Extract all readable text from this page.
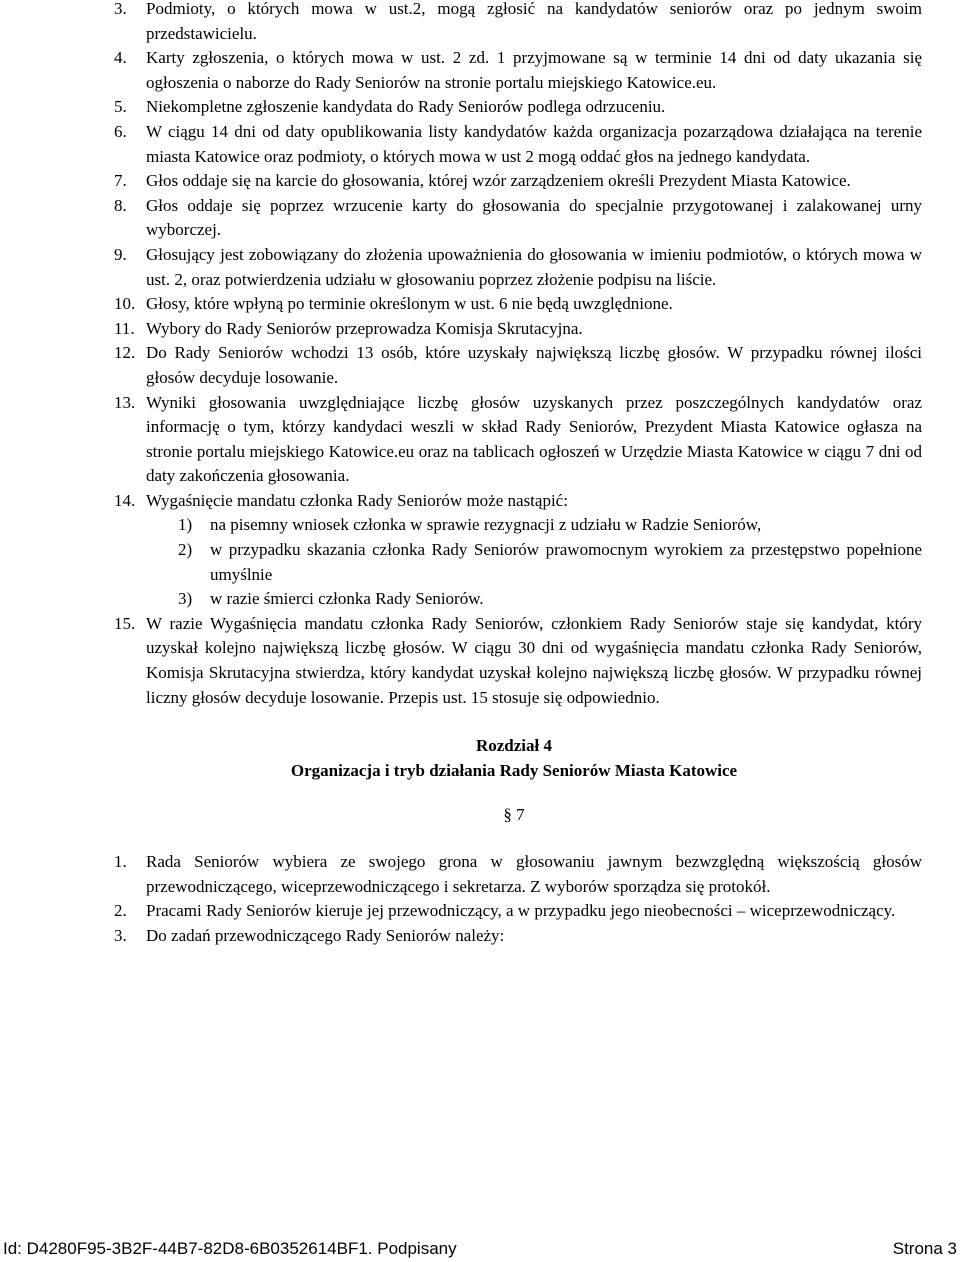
3. Podmioty, o których mowa w ust.2, mogą zgłosić na kandydatów seniorów oraz po jednym swoim przedstawicielu.
4. Karty zgłoszenia, o których mowa w ust. 2 zd. 1 przyjmowane są w terminie 14 dni od daty ukazania się ogłoszenia o naborze do Rady Seniorów na stronie portalu miejskiego Katowice.eu.
5. Niekompletne zgłoszenie kandydata do Rady Seniorów podlega odrzuceniu.
6. W ciągu 14 dni od daty opublikowania listy kandydatów każda organizacja pozarządowa działająca na terenie miasta Katowice oraz podmioty, o których mowa w ust 2 mogą oddać głos na jednego kandydata.
7. Głos oddaje się na karcie do głosowania, której wzór zarządzeniem określi Prezydent Miasta Katowice.
8. Głos oddaje się poprzez wrzucenie karty do głosowania do specjalnie przygotowanej i zalakowanej urny wyborczej.
9. Głosujący jest zobowiązany do złożenia upoważnienia do głosowania w imieniu podmiotów, o których mowa w ust. 2, oraz potwierdzenia udziału w głosowaniu poprzez złożenie podpisu na liście.
10. Głosy, które wpłyną po terminie określonym w ust. 6 nie będą uwzględnione.
11. Wybory do Rady Seniorów przeprowadza Komisja Skrutacyjna.
12. Do Rady Seniorów wchodzi 13 osób, które uzyskały największą liczbę głosów. W przypadku równej ilości głosów decyduje losowanie.
13. Wyniki głosowania uwzględniające liczbę głosów uzyskanych przez poszczególnych kandydatów oraz informację o tym, którzy kandydaci weszli w skład Rady Seniorów, Prezydent Miasta Katowice ogłasza na stronie portalu miejskiego Katowice.eu oraz na tablicach ogłoszeń w Urzędzie Miasta Katowice w ciągu 7 dni od daty zakończenia głosowania.
14. Wygaśnięcie mandatu członka Rady Seniorów może nastąpić:
1) na pisemny wniosek członka w sprawie rezygnacji z udziału w Radzie Seniorów,
2) w przypadku skazania członka Rady Seniorów prawomocnym wyrokiem za przestępstwo popełnione umyślnie
3) w razie śmierci członka Rady Seniorów.
15. W razie Wygaśnięcia mandatu członka Rady Seniorów, członkiem Rady Seniorów staje się kandydat, który uzyskał kolejno największą liczbę głosów. W ciągu 30 dni od wygaśnięcia mandatu członka Rady Seniorów, Komisja Skrutacyjna stwierdza, który kandydat uzyskał kolejno największą liczbę głosów. W przypadku równej liczny głosów decyduje losowanie. Przepis ust. 15 stosuje się odpowiednio.
Rozdział 4
Organizacja i tryb działania Rady Seniorów Miasta Katowice
§ 7
1. Rada Seniorów wybiera ze swojego grona w głosowaniu jawnym bezwzględną większością głosów przewodniczącego, wiceprzewodniczącego i sekretarza. Z wyborów sporządza się protokół.
2. Pracami Rady Seniorów kieruje jej przewodniczący, a w przypadku jego nieobecności – wiceprzewodniczący.
3. Do zadań przewodniczącego Rady Seniorów należy:
Id: D4280F95-3B2F-44B7-82D8-6B0352614BF1. Podpisany	Strona 3
